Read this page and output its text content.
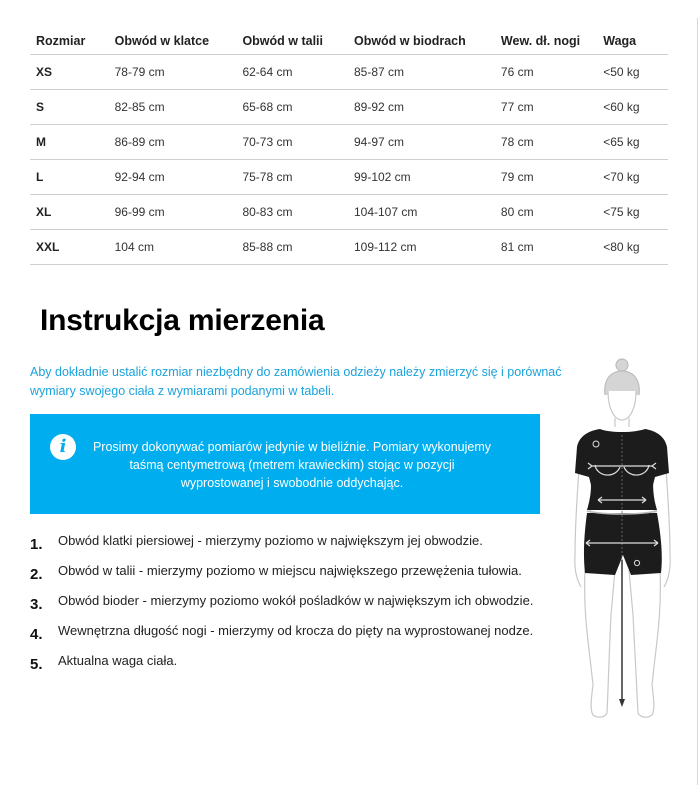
Rozmiar	Obwód w klatce	Obwód w talii	Obwód w biodrach	Wew. dł. nogi	Waga
XS	78-79 cm	62-64 cm	85-87 cm	76 cm	<50 kg
S	82-85 cm	65-68 cm	89-92 cm	77 cm	<60 kg
M	86-89 cm	70-73 cm	94-97 cm	78 cm	<65 kg
L	92-94 cm	75-78 cm	99-102 cm	79 cm	<70 kg
XL	96-99 cm	80-83 cm	104-107 cm	80 cm	<75 kg
XXL	104 cm	85-88 cm	109-112 cm	81 cm	<80 kg
Instrukcja mierzenia

Aby dokładnie ustalić rozmiar niezbędny do zamówienia odzieży należy zmierzyć się i porównać wymiary swojego ciała z wymiarami podanymi w tabeli.

i	Prosimy dokonywać pomiarów jedynie w bieliźnie. Pomiary wykonujemy taśmą centymetrową (metrem krawieckim) stojąc w pozycji wyprostowanej i swobodnie oddychając.
1.	Obwód klatki piersiowej - mierzymy poziomo w największym jej obwodzie.
2.	Obwód w talii - mierzymy poziomo w miejscu największego przewężenia tułowia.
3.	Obwód bioder - mierzymy poziomo wokół pośladków w największym ich obwodzie.
4.	Wewnętrzna długość nogi - mierzymy od krocza do pięty na wyprostowanej nodze.
5.	Aktualna waga ciała.
